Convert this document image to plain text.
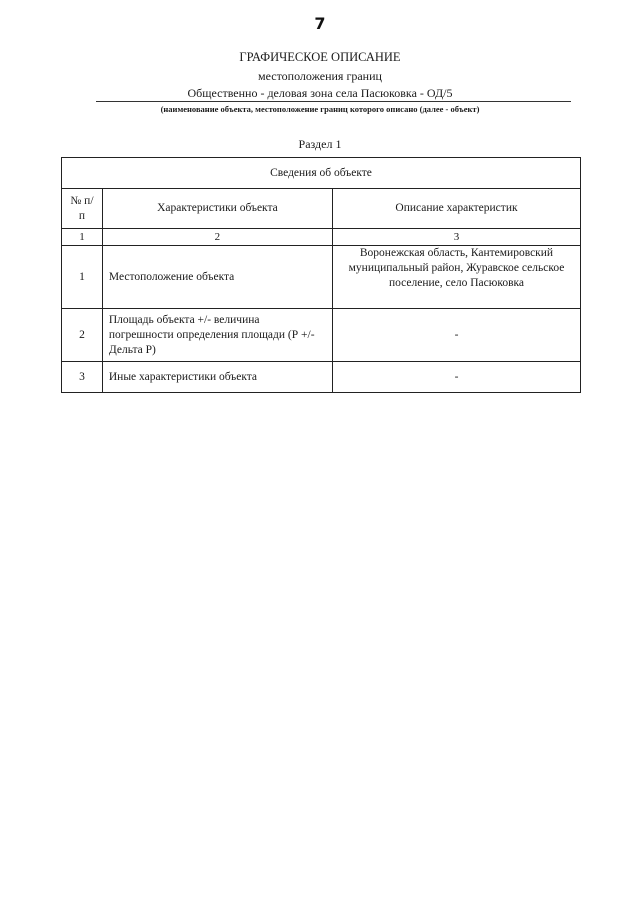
7
ГРАФИЧЕСКОЕ ОПИСАНИЕ
местоположения границ
Общественно - деловая зона села Пасюковка - ОД/5
(наименование объекта, местоположение границ которого описано (далее - объект)
Раздел 1
Сведения об объекте		
№ п/п	Характеристики объекта	Описание характеристик
1	2	3
1	Местоположение объекта	Воронежская область, Кантемировский муниципальный район, Журавское сельское поселение, село Пасюковка
2	Площадь объекта +/- величина погрешности определения площади (Р +/- Дельта Р)	-
3	Иные характеристики объекта	-
